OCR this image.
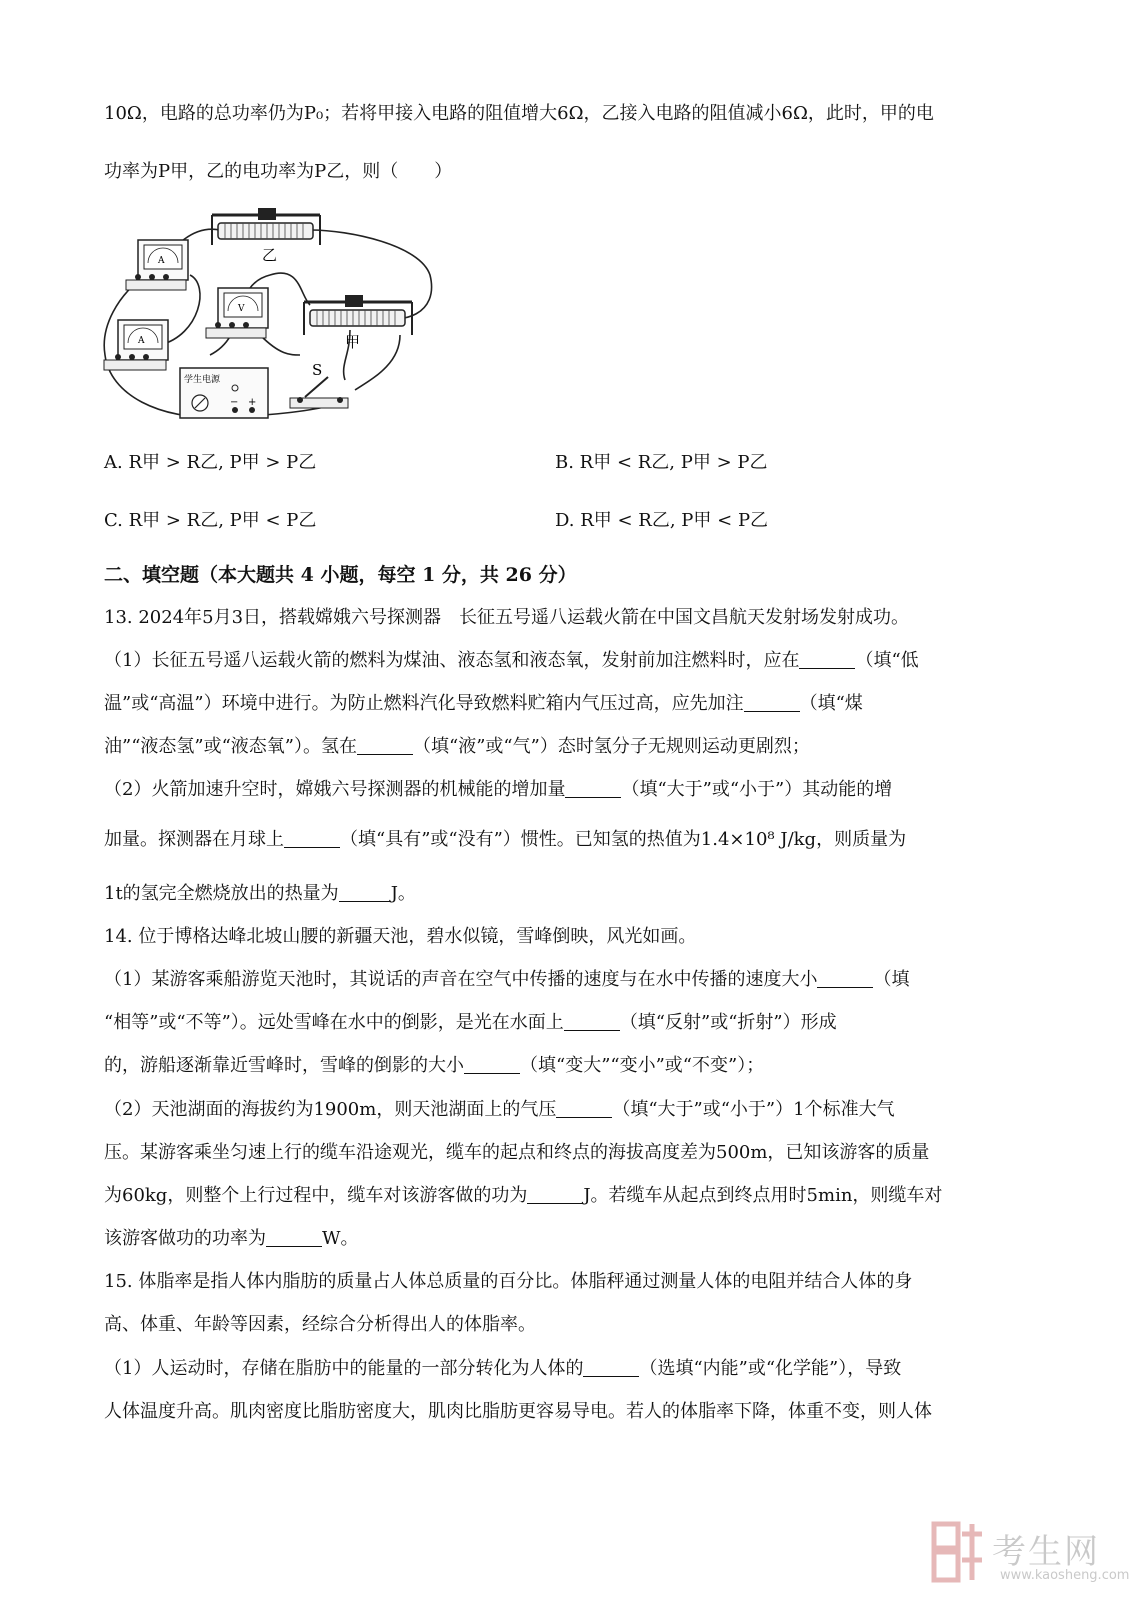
10Ω，电路的总功率仍为P₀；若将甲接入电路的阻值增大6Ω，乙接入电路的阻值减小6Ω，此时，甲的电
功率为P甲，乙的电功率为P乙，则（　　）
乙
A
A
V
甲
学生电源
− +
S
A. R甲 > R乙, P甲 > P乙	B. R甲 < R乙, P甲 > P乙
C. R甲 > R乙, P甲 < P乙	D. R甲 < R乙, P甲 < P乙
二、填空题（本大题共 4 小题，每空 1 分，共 26 分）
13. 2024年5月3日，搭载嫦娥六号探测器　长征五号遥八运载火箭在中国文昌航天发射场发射成功。
（1）长征五号遥八运载火箭的燃料为煤油、液态氢和液态氧，发射前加注燃料时，应在	（填“低
温”或“高温”）环境中进行。为防止燃料汽化导致燃料贮箱内气压过高，应先加注	（填“煤
油”“液态氢”或“液态氧”）。氢在	（填“液”或“气”）态时氢分子无规则运动更剧烈；
（2）火箭加速升空时，嫦娥六号探测器的机械能的增加量	（填“大于”或“小于”）其动能的增
加量。探测器在月球上	（填“具有”或“没有”）惯性。已知氢的热值为1.4×10⁸ J/kg，则质量为
1t的氢完全燃烧放出的热量为	J。
14. 位于博格达峰北坡山腰的新疆天池，碧水似镜，雪峰倒映，风光如画。
（1）某游客乘船游览天池时，其说话的声音在空气中传播的速度与在水中传播的速度大小	（填
“相等”或“不等”）。远处雪峰在水中的倒影，是光在水面上	（填“反射”或“折射”）形成
的，游船逐渐靠近雪峰时，雪峰的倒影的大小	（填“变大”“变小”或“不变”）；
（2）天池湖面的海拔约为1900m，则天池湖面上的气压	（填“大于”或“小于”）1个标准大气
压。某游客乘坐匀速上行的缆车沿途观光，缆车的起点和终点的海拔高度差为500m，已知该游客的质量
为60kg，则整个上行过程中，缆车对该游客做的功为	J。若缆车从起点到终点用时5min，则缆车对
该游客做功的功率为	W。
15. 体脂率是指人体内脂肪的质量占人体总质量的百分比。体脂秤通过测量人体的电阻并结合人体的身
高、体重、年龄等因素，经综合分析得出人的体脂率。
（1）人运动时，存储在脂肪中的能量的一部分转化为人体的	（选填“内能”或“化学能”），导致
人体温度升高。肌肉密度比脂肪密度大，肌肉比脂肪更容易导电。若人的体脂率下降，体重不变，则人体
考生网
www.kaosheng.com
